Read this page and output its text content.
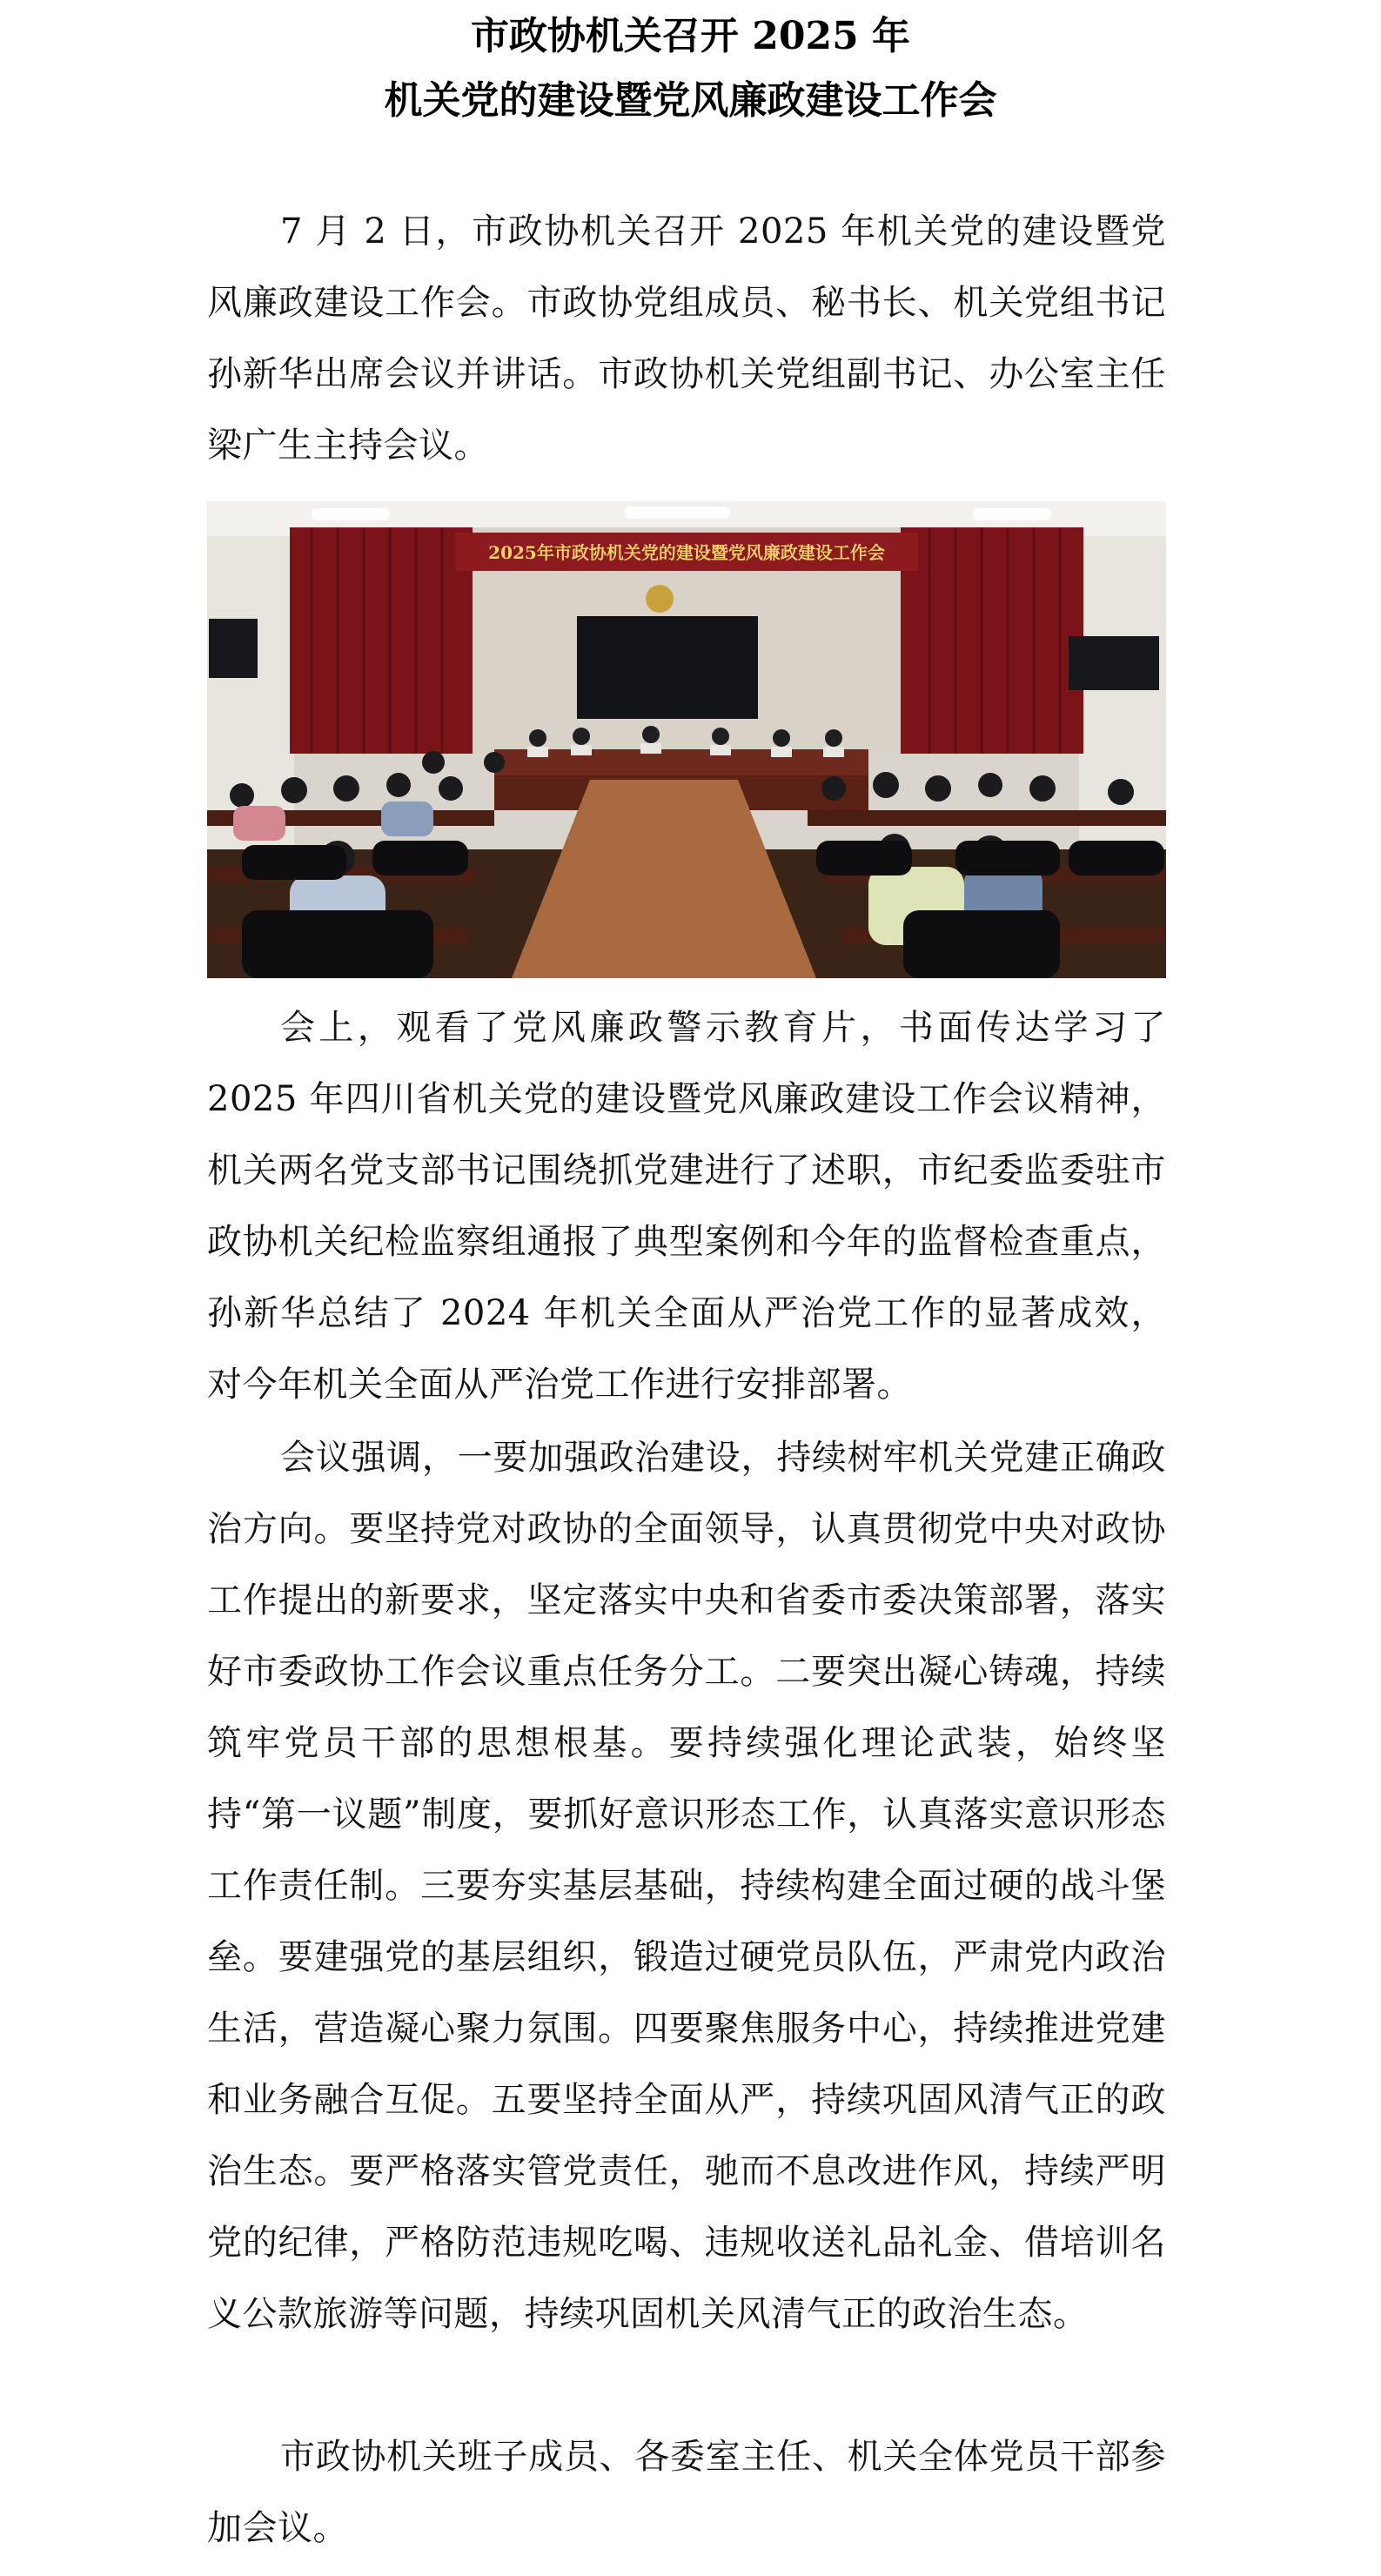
市政协机关召开 2025 年
机关党的建设暨党风廉政建设工作会

7 月 2 日，市政协机关召开 2025 年机关党的建设暨党风廉政建设工作会。市政协党组成员、秘书长、机关党组书记孙新华出席会议并讲话。市政协机关党组副书记、办公室主任梁广生主持会议。

2025年市政协机关党的建设暨党风廉政建设工作会

会上，观看了党风廉政警示教育片，书面传达学习了 2025 年四川省机关党的建设暨党风廉政建设工作会议精神，机关两名党支部书记围绕抓党建进行了述职，市纪委监委驻市政协机关纪检监察组通报了典型案例和今年的监督检查重点，孙新华总结了 2024 年机关全面从严治党工作的显著成效，对今年机关全面从严治党工作进行安排部署。

会议强调，一要加强政治建设，持续树牢机关党建正确政治方向。要坚持党对政协的全面领导，认真贯彻党中央对政协工作提出的新要求，坚定落实中央和省委市委决策部署，落实好市委政协工作会议重点任务分工。二要突出凝心铸魂，持续筑牢党员干部的思想根基。要持续强化理论武装，始终坚持“第一议题”制度，要抓好意识形态工作，认真落实意识形态工作责任制。三要夯实基层基础，持续构建全面过硬的战斗堡垒。要建强党的基层组织，锻造过硬党员队伍，严肃党内政治生活，营造凝心聚力氛围。四要聚焦服务中心，持续推进党建和业务融合互促。五要坚持全面从严，持续巩固风清气正的政治生态。要严格落实管党责任，驰而不息改进作风，持续严明党的纪律，严格防范违规吃喝、违规收送礼品礼金、借培训名义公款旅游等问题，持续巩固机关风清气正的政治生态。

市政协机关班子成员、各委室主任、机关全体党员干部参加会议。
